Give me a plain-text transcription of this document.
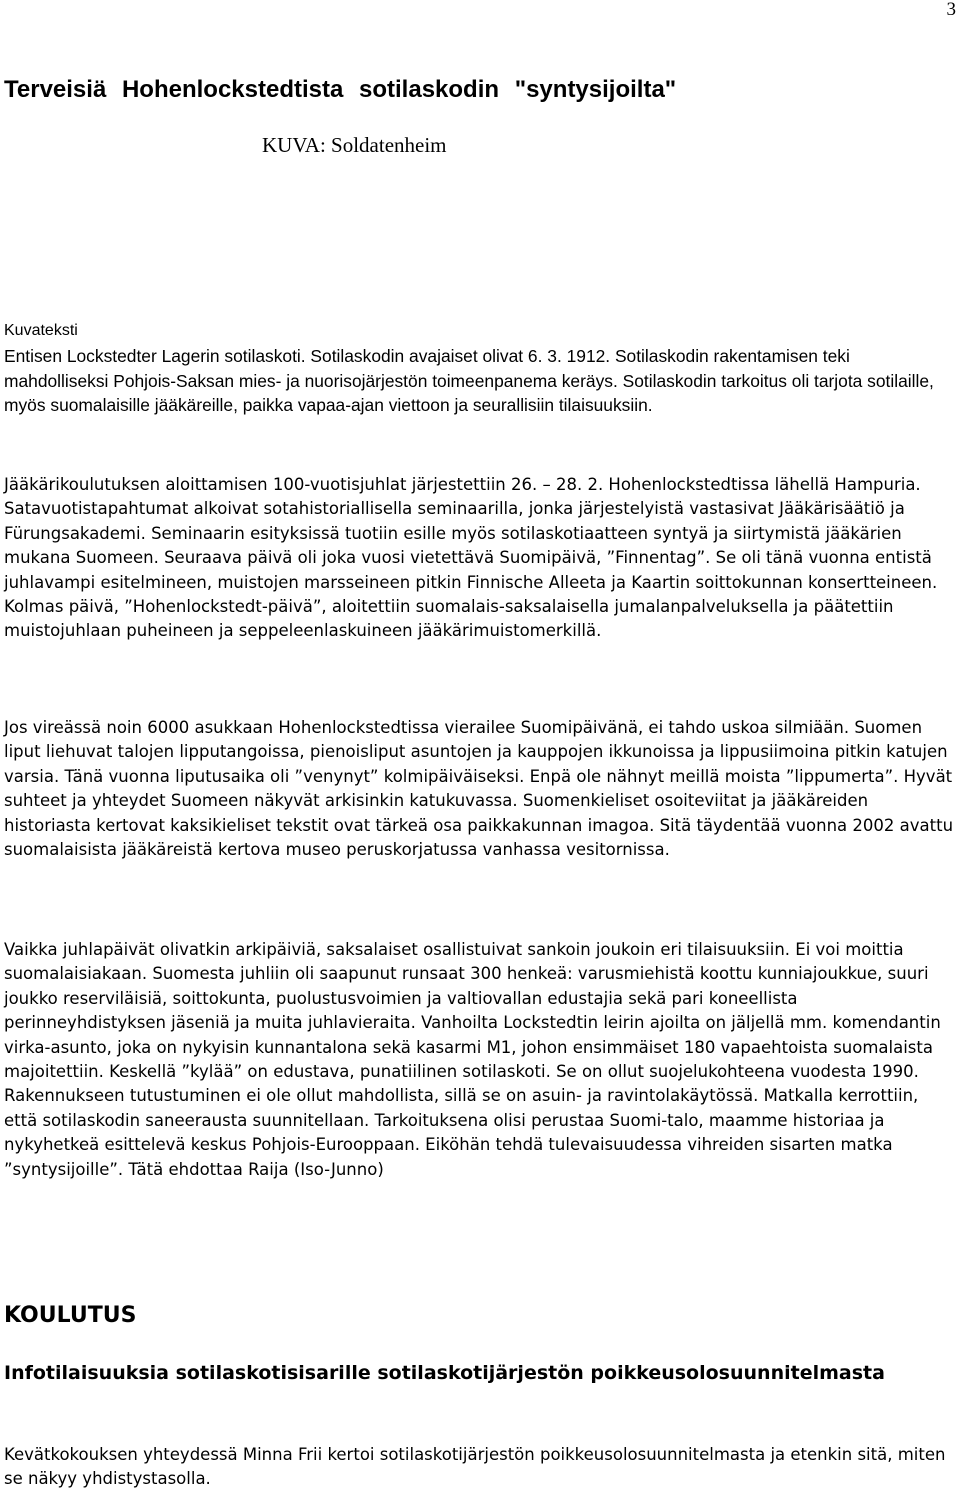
3
Terveisiä Hohenlockstedtista sotilaskodin "syntysijoilta"
KUVA: Soldatenheim
Kuvateksti

Entisen Lockstedter Lagerin sotilaskoti. Sotilaskodin avajaiset olivat 6. 3. 1912. Sotilaskodin rakentamisen teki mahdolliseksi Pohjois-Saksan mies- ja nuorisojärjestön toimeenpanema keräys. Sotilaskodin tarkoitus oli tarjota sotilaille, myös suomalaisille jääkäreille, paikka vapaa-ajan viettoon ja seurallisiin tilaisuuksiin.

Jääkärikoulutuksen aloittamisen 100-vuotisjuhlat järjestettiin 26. – 28. 2. Hohenlockstedtissa lähellä Hampuria. Satavuotistapahtumat alkoivat sotahistoriallisella seminaarilla, jonka järjestelyistä vastasivat Jääkärisäätiö ja Fürungsakademi. Seminaarin esityksissä tuotiin esille myös sotilaskotiaatteen syntyä ja siirtymistä jääkärien mukana Suomeen. Seuraava päivä oli joka vuosi vietettävä Suomipäivä, ”Finnentag”. Se oli tänä vuonna entistä juhlavampi esitelmineen, muistojen marsseineen pitkin Finnische Alleeta ja Kaartin soittokunnan konsertteineen. Kolmas päivä, ”Hohenlockstedt-päivä”, aloitettiin suomalais-saksalaisella jumalanpalveluksella ja päätettiin muistojuhlaan puheineen ja seppeleenlaskuineen jääkärimuistomerkillä.

Jos vireässä noin 6000 asukkaan Hohenlockstedtissa vierailee Suomipäivänä, ei tahdo uskoa silmiään. Suomen liput liehuvat talojen lipputangoissa, pienoisliput asuntojen ja kauppojen ikkunoissa ja lippusiimoina pitkin katujen varsia. Tänä vuonna liputusaika oli ”venynyt” kolmipäiväiseksi. Enpä ole nähnyt meillä moista ”lippumerta”. Hyvät suhteet ja yhteydet Suomeen näkyvät arkisinkin katukuvassa. Suomenkieliset osoiteviitat ja jääkäreiden historiasta kertovat kaksikieliset tekstit ovat tärkeä osa paikkakunnan imagoa. Sitä täydentää vuonna 2002 avattu suomalaisista jääkäreistä kertova museo peruskorjatussa vanhassa vesitornissa.

Vaikka juhlapäivät olivatkin arkipäiviä, saksalaiset osallistuivat sankoin joukoin eri tilaisuuksiin. Ei voi moittia suomalaisiakaan. Suomesta juhliin oli saapunut runsaat 300 henkeä: varusmiehistä koottu kunniajoukkue, suuri joukko reserviläisiä, soittokunta, puolustusvoimien ja valtiovallan edustajia sekä pari koneellista perinneyhdistyksen jäseniä ja muita juhlavieraita. Vanhoilta Lockstedtin leirin ajoilta on jäljellä mm. komendantin virka-asunto, joka on nykyisin kunnantalona sekä kasarmi M1, johon ensimmäiset 180 vapaehtoista suomalaista majoitettiin. Keskellä ”kylää” on edustava, punatiilinen sotilaskoti. Se on ollut suojelukohteena vuodesta 1990. Rakennukseen tutustuminen ei ole ollut mahdollista, sillä se on asuin- ja ravintolakäytössä. Matkalla kerrottiin, että sotilaskodin saneerausta suunnitellaan. Tarkoituksena olisi perustaa Suomi-talo, maamme historiaa ja nykyhetkeä esittelevä keskus Pohjois-Eurooppaan. Eiköhän tehdä tulevaisuudessa vihreiden sisarten matka ”syntysijoille”. Tätä ehdottaa Raija (Iso-Junno)

KOULUTUS
Infotilaisuuksia sotilaskotisisarille sotilaskotijärjestön poikkeusolosuunnitelmasta

Kevätkokouksen yhteydessä Minna Frii kertoi sotilaskotijärjestön poikkeusolosuunnitelmasta ja etenkin sitä, miten se näkyy yhdistystasolla.
